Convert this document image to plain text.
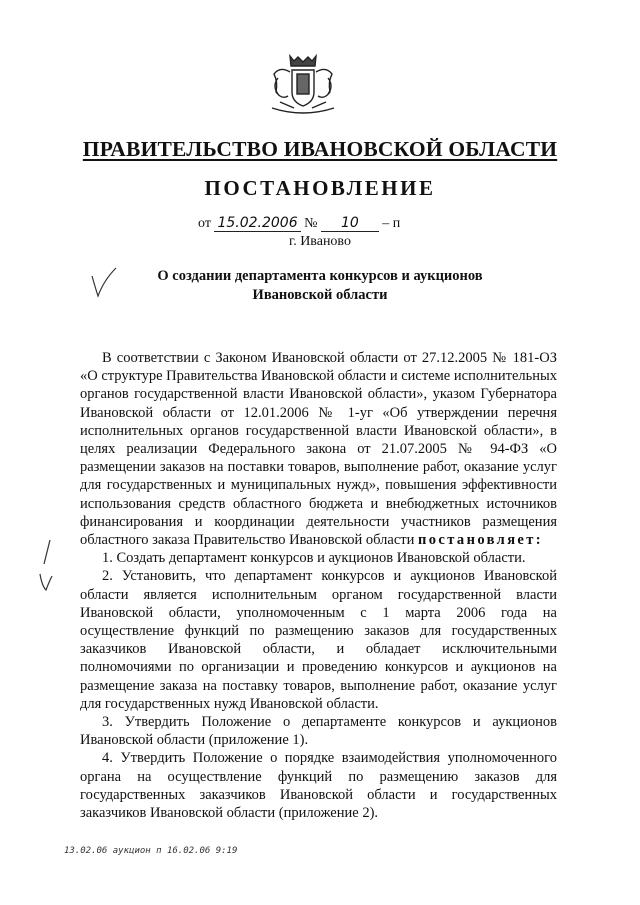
ПРАВИТЕЛЬСТВО ИВАНОВСКОЙ ОБЛАСТИ
ПОСТАНОВЛЕНИЕ
от 15.02.2006 № 10 – п
г. Иваново
О создании департамента конкурсов и аукционов
Ивановской области

В соответствии с Законом Ивановской области от 27.12.2005 № 181-ОЗ «О структуре Правительства Ивановской области и системе исполнительных органов государственной власти Ивановской области», указом Губернатора Ивановской области от 12.01.2006 № 1-уг «Об утверждении перечня исполнительных органов государственной власти Ивановской области», в целях реализации Федерального закона от 21.07.2005 № 94-ФЗ «О размещении заказов на поставки товаров, выполнение работ, оказание услуг для государственных и муниципальных нужд», повышения эффективности использования средств областного бюджета и внебюджетных источников финансирования и координации деятельности участников размещения областного заказа Правительство Ивановской области постановляет:

1. Создать департамент конкурсов и аукционов Ивановской области.

2. Установить, что департамент конкурсов и аукционов Ивановской области является исполнительным органом государственной власти Ивановской области, уполномоченным с 1 марта 2006 года на осуществление функций по размещению заказов для государственных заказчиков Ивановской области, и обладает исключительными полномочиями по организации и проведению конкурсов и аукционов на размещение заказа на поставку товаров, выполнение работ, оказание услуг для государственных нужд Ивановской области.

3. Утвердить Положение о департаменте конкурсов и аукционов Ивановской области (приложение 1).

4. Утвердить Положение о порядке взаимодействия уполномоченного органа на осуществление функций по размещению заказов для государственных заказчиков Ивановской области и государственных заказчиков Ивановской области (приложение 2).

13.02.06 аукцион п 16.02.06 9:19
